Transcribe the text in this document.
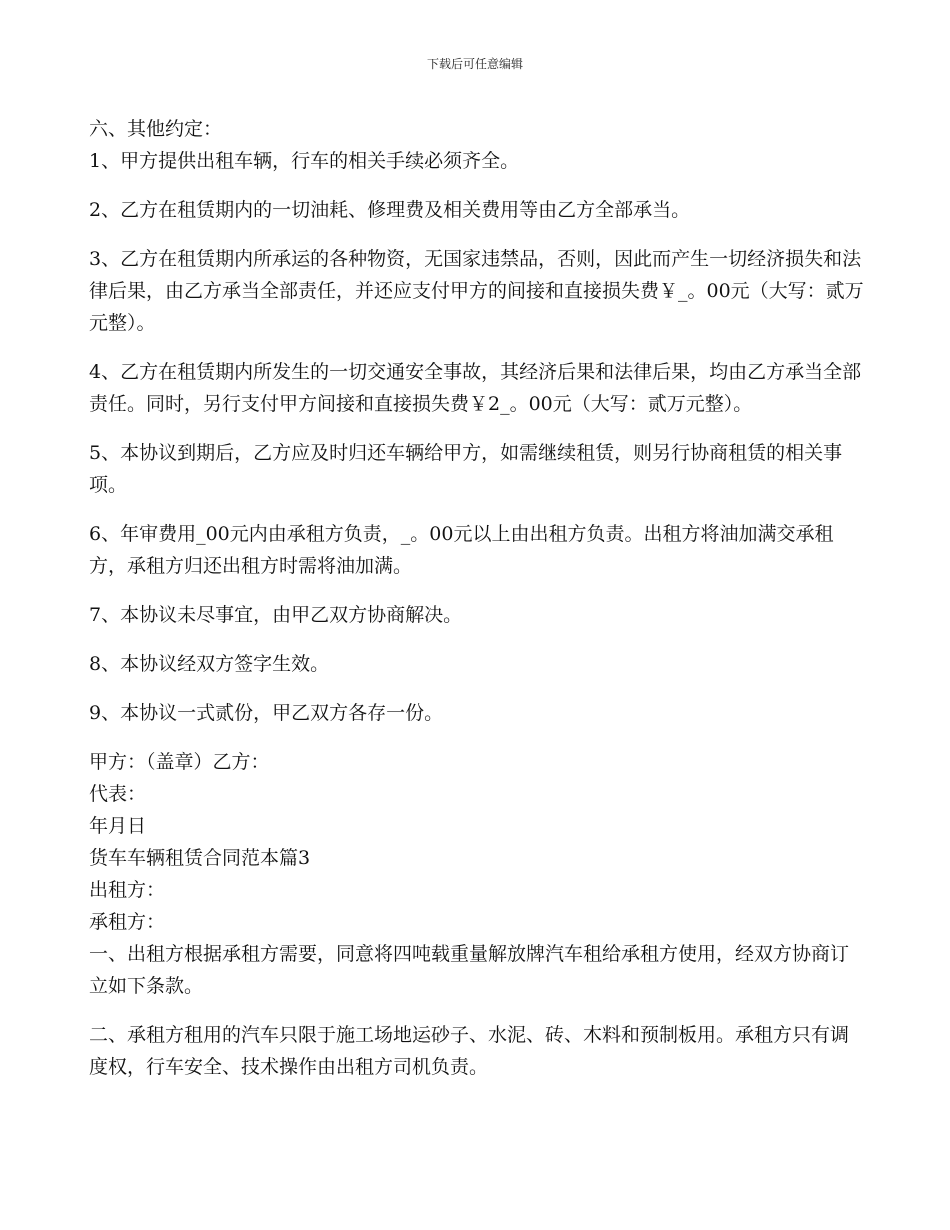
下载后可任意编辑

六、其他约定：

1、甲方提供出租车辆，行车的相关手续必须齐全。

2、乙方在租赁期内的一切油耗、修理费及相关费用等由乙方全部承当。

3、乙方在租赁期内所承运的各种物资，无国家违禁品，否则，因此而产生一切经济损失和法律后果，由乙方承当全部责任，并还应支付甲方的间接和直接损失费￥_。00元（大写：贰万元整）。

4、乙方在租赁期内所发生的一切交通安全事故，其经济后果和法律后果，均由乙方承当全部责任。同时，另行支付甲方间接和直接损失费￥2_。00元（大写：贰万元整）。

5、本协议到期后，乙方应及时归还车辆给甲方，如需继续租赁，则另行协商租赁的相关事项。

6、年审费用_00元内由承租方负责，_。00元以上由出租方负责。出租方将油加满交承租方，承租方归还出租方时需将油加满。

7、本协议未尽事宜，由甲乙双方协商解决。

8、本协议经双方签字生效。

9、本协议一式贰份，甲乙双方各存一份。

甲方：（盖章）乙方：

代表：

年月日

货车车辆租赁合同范本篇3

出租方：

承租方：

一、出租方根据承租方需要，同意将四吨载重量解放牌汽车租给承租方使用，经双方协商订立如下条款。

二、承租方租用的汽车只限于施工场地运砂子、水泥、砖、木料和预制板用。承租方只有调度权，行车安全、技术操作由出租方司机负责。
